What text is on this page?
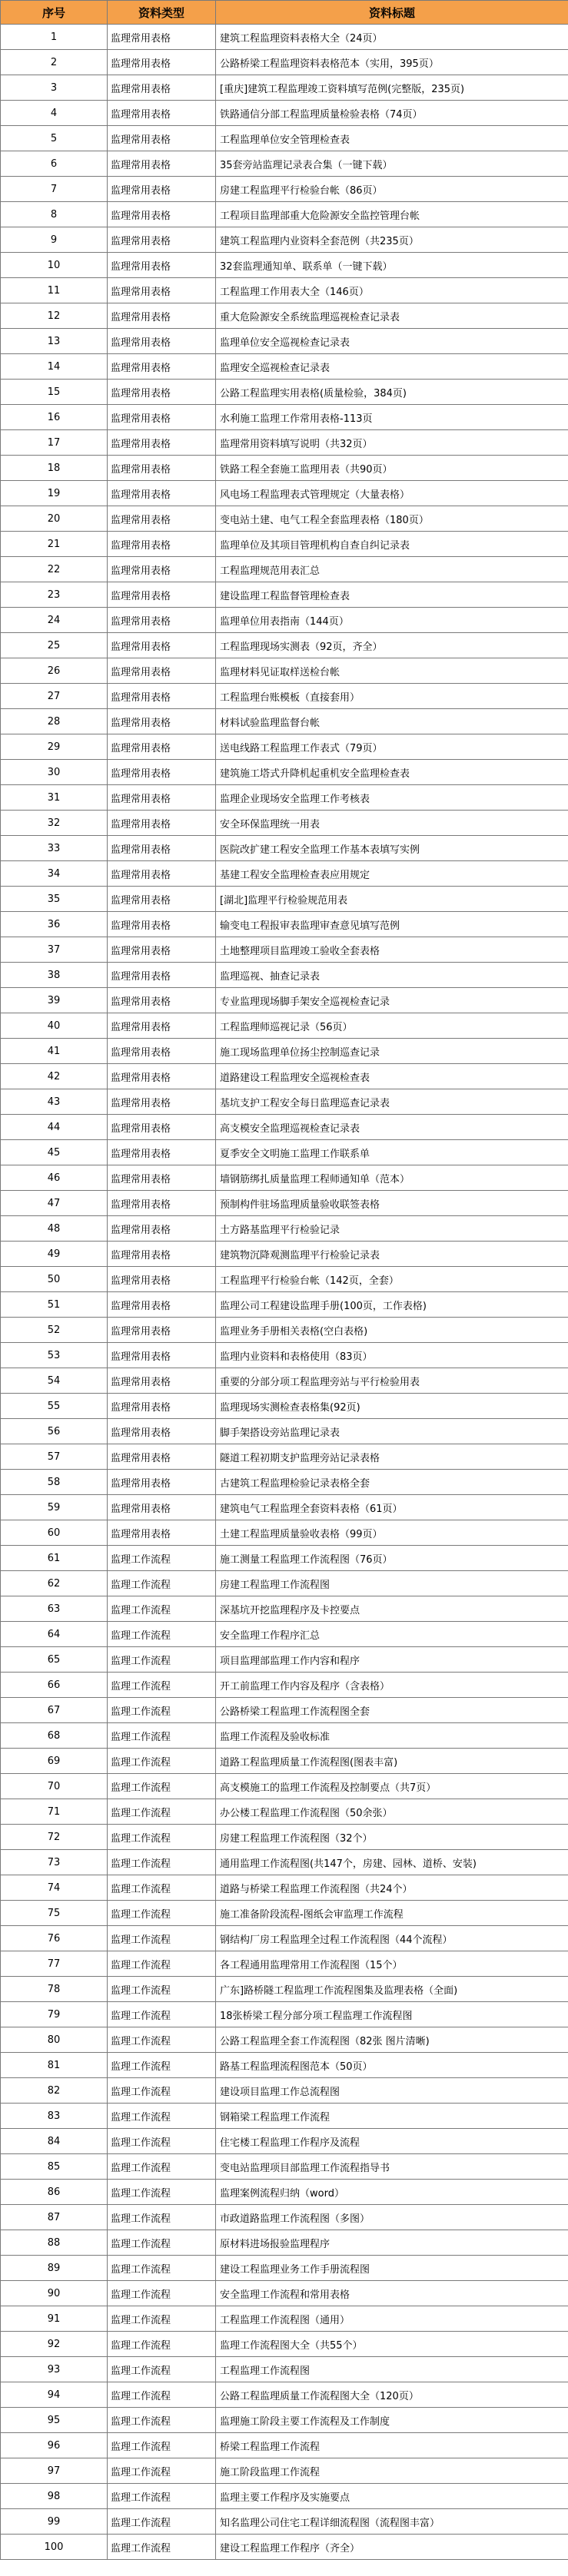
序号	资料类型	资料标题
1	监理常用表格	建筑工程监理资料表格大全（24页）
2	监理常用表格	公路桥梁工程监理资料表格范本（实用，395页）
3	监理常用表格	[重庆]建筑工程监理竣工资料填写范例(完整版，235页)
4	监理常用表格	铁路通信分部工程监理质量检验表格（74页）
5	监理常用表格	工程监理单位安全管理检查表
6	监理常用表格	35套旁站监理记录表合集（一键下载）
7	监理常用表格	房建工程监理平行检验台帐（86页）
8	监理常用表格	工程项目监理部重大危险源安全监控管理台帐
9	监理常用表格	建筑工程监理内业资料全套范例（共235页）
10	监理常用表格	32套监理通知单、联系单（一键下载）
11	监理常用表格	工程监理工作用表大全（146页）
12	监理常用表格	重大危险源安全系统监理巡视检查记录表
13	监理常用表格	监理单位安全巡视检查记录表
14	监理常用表格	监理安全巡视检查记录表
15	监理常用表格	公路工程监理实用表格(质量检验，384页)
16	监理常用表格	水利施工监理工作常用表格-113页
17	监理常用表格	监理常用资料填写说明（共32页）
18	监理常用表格	铁路工程全套施工监理用表（共90页）
19	监理常用表格	风电场工程监理表式管理规定（大量表格）
20	监理常用表格	变电站土建、电气工程全套监理表格（180页）
21	监理常用表格	监理单位及其项目管理机构自查自纠记录表
22	监理常用表格	工程监理规范用表汇总
23	监理常用表格	建设监理工程监督管理检查表
24	监理常用表格	监理单位用表指南（144页）
25	监理常用表格	工程监理现场实测表（92页，齐全）
26	监理常用表格	监理材料见证取样送检台帐
27	监理常用表格	工程监理台账模板（直接套用）
28	监理常用表格	材料试验监理监督台帐
29	监理常用表格	送电线路工程监理工作表式（79页）
30	监理常用表格	建筑施工塔式升降机起重机安全监理检查表
31	监理常用表格	监理企业现场安全监理工作考核表
32	监理常用表格	安全环保监理统一用表
33	监理常用表格	医院改扩建工程安全监理工作基本表填写实例
34	监理常用表格	基建工程安全监理检查表应用规定
35	监理常用表格	[湖北]监理平行检验规范用表
36	监理常用表格	输变电工程报审表监理审查意见填写范例
37	监理常用表格	土地整理项目监理竣工验收全套表格
38	监理常用表格	监理巡视、抽查记录表
39	监理常用表格	专业监理现场脚手架安全巡视检查记录
40	监理常用表格	工程监理师巡视记录（56页）
41	监理常用表格	施工现场监理单位扬尘控制巡查记录
42	监理常用表格	道路建设工程监理安全巡视检查表
43	监理常用表格	基坑支护工程安全每日监理巡查记录表
44	监理常用表格	高支模安全监理巡视检查记录表
45	监理常用表格	夏季安全文明施工监理工作联系单
46	监理常用表格	墙钢筋绑扎质量监理工程师通知单（范本）
47	监理常用表格	预制构件驻场监理质量验收联签表格
48	监理常用表格	土方路基监理平行检验记录
49	监理常用表格	建筑物沉降观测监理平行检验记录表
50	监理常用表格	工程监理平行检验台帐（142页，全套）
51	监理常用表格	监理公司工程建设监理手册(100页，工作表格)
52	监理常用表格	监理业务手册相关表格(空白表格)
53	监理常用表格	监理内业资料和表格使用（83页）
54	监理常用表格	重要的分部分项工程监理旁站与平行检验用表
55	监理常用表格	监理现场实测检查表格集(92页)
56	监理常用表格	脚手架搭设旁站监理记录表
57	监理常用表格	隧道工程初期支护监理旁站记录表格
58	监理常用表格	古建筑工程监理检验记录表格全套
59	监理常用表格	建筑电气工程监理全套资料表格（61页）
60	监理常用表格	土建工程监理质量验收表格（99页）
61	监理工作流程	施工测量工程监理工作流程图（76页）
62	监理工作流程	房建工程监理工作流程图
63	监理工作流程	深基坑开挖监理程序及卡控要点
64	监理工作流程	安全监理工作程序汇总
65	监理工作流程	项目监理部监理工作内容和程序
66	监理工作流程	开工前监理工作内容及程序（含表格）
67	监理工作流程	公路桥梁工程监理工作流程图全套
68	监理工作流程	监理工作流程及验收标准
69	监理工作流程	道路工程监理质量工作流程图(图表丰富)
70	监理工作流程	高支模施工的监理工作流程及控制要点（共7页）
71	监理工作流程	办公楼工程监理工作流程图（50余张）
72	监理工作流程	房建工程监理工作流程图（32个）
73	监理工作流程	通用监理工作流程图(共147个，房建、园林、道桥、安装)
74	监理工作流程	道路与桥梁工程监理工作流程图（共24个）
75	监理工作流程	施工准备阶段流程-图纸会审监理工作流程
76	监理工作流程	钢结构厂房工程监理全过程工作流程图（44个流程）
77	监理工作流程	各工程通用监理常用工作流程图（15个）
78	监理工作流程	广东]路桥隧工程监理工作流程图集及监理表格（全面)
79	监理工作流程	18张桥梁工程分部分项工程监理工作流程图
80	监理工作流程	公路工程监理全套工作流程图（82张 图片清晰)
81	监理工作流程	路基工程监理流程图范本（50页）
82	监理工作流程	建设项目监理工作总流程图
83	监理工作流程	钢箱梁工程监理工作流程
84	监理工作流程	住宅楼工程监理工作程序及流程
85	监理工作流程	变电站监理项目部监理工作流程指导书
86	监理工作流程	监理案例流程归纳（word）
87	监理工作流程	市政道路监理工作流程图（多图）
88	监理工作流程	原材料进场报验监理程序
89	监理工作流程	建设工程监理业务工作手册流程图
90	监理工作流程	安全监理工作流程和常用表格
91	监理工作流程	工程监理工作流程图（通用）
92	监理工作流程	监理工作流程图大全（共55个）
93	监理工作流程	工程监理工作流程图
94	监理工作流程	公路工程监理质量工作流程图大全（120页）
95	监理工作流程	监理施工阶段主要工作流程及工作制度
96	监理工作流程	桥梁工程监理工作流程
97	监理工作流程	施工阶段监理工作流程
98	监理工作流程	监理主要工作程序及实施要点
99	监理工作流程	知名监理公司住宅工程详细流程图（流程图丰富）
100	监理工作流程	建设工程监理工作程序（齐全）
